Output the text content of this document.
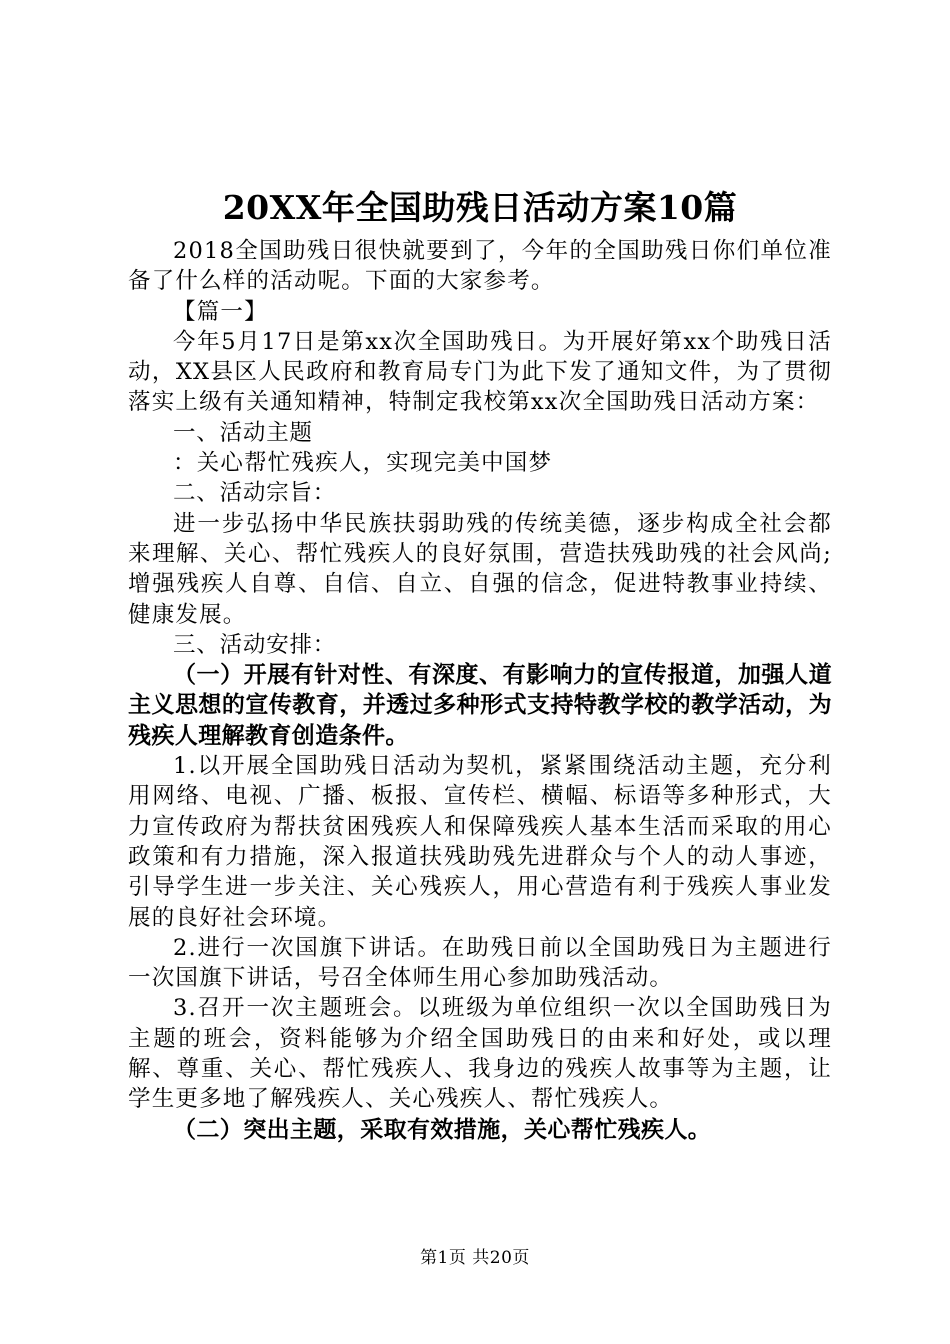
20XX年全国助残日活动方案10篇

2018全国助残日很快就要到了，今年的全国助残日你们单位准备了什么样的活动呢。下面的大家参考。

【篇一】

今年5月17日是第xx次全国助残日。为开展好第xx个助残日活动，XX县区人民政府和教育局专门为此下发了通知文件，为了贯彻落实上级有关通知精神，特制定我校第xx次全国助残日活动方案：

一、活动主题

：关心帮忙残疾人，实现完美中国梦

二、活动宗旨：

进一步弘扬中华民族扶弱助残的传统美德，逐步构成全社会都来理解、关心、帮忙残疾人的良好氛围，营造扶残助残的社会风尚;增强残疾人自尊、自信、自立、自强的信念，促进特教事业持续、健康发展。

三、活动安排：

（一）开展有针对性、有深度、有影响力的宣传报道，加强人道主义思想的宣传教育，并透过多种形式支持特教学校的教学活动，为残疾人理解教育创造条件。

1.以开展全国助残日活动为契机，紧紧围绕活动主题，充分利用网络、电视、广播、板报、宣传栏、横幅、标语等多种形式，大力宣传政府为帮扶贫困残疾人和保障残疾人基本生活而采取的用心政策和有力措施，深入报道扶残助残先进群众与个人的动人事迹，引导学生进一步关注、关心残疾人，用心营造有利于残疾人事业发展的良好社会环境。

2.进行一次国旗下讲话。在助残日前以全国助残日为主题进行一次国旗下讲话，号召全体师生用心参加助残活动。

3.召开一次主题班会。以班级为单位组织一次以全国助残日为主题的班会，资料能够为介绍全国助残日的由来和好处，或以理解、尊重、关心、帮忙残疾人、我身边的残疾人故事等为主题，让学生更多地了解残疾人、关心残疾人、帮忙残疾人。

（二）突出主题，采取有效措施，关心帮忙残疾人。

第1页 共20页
